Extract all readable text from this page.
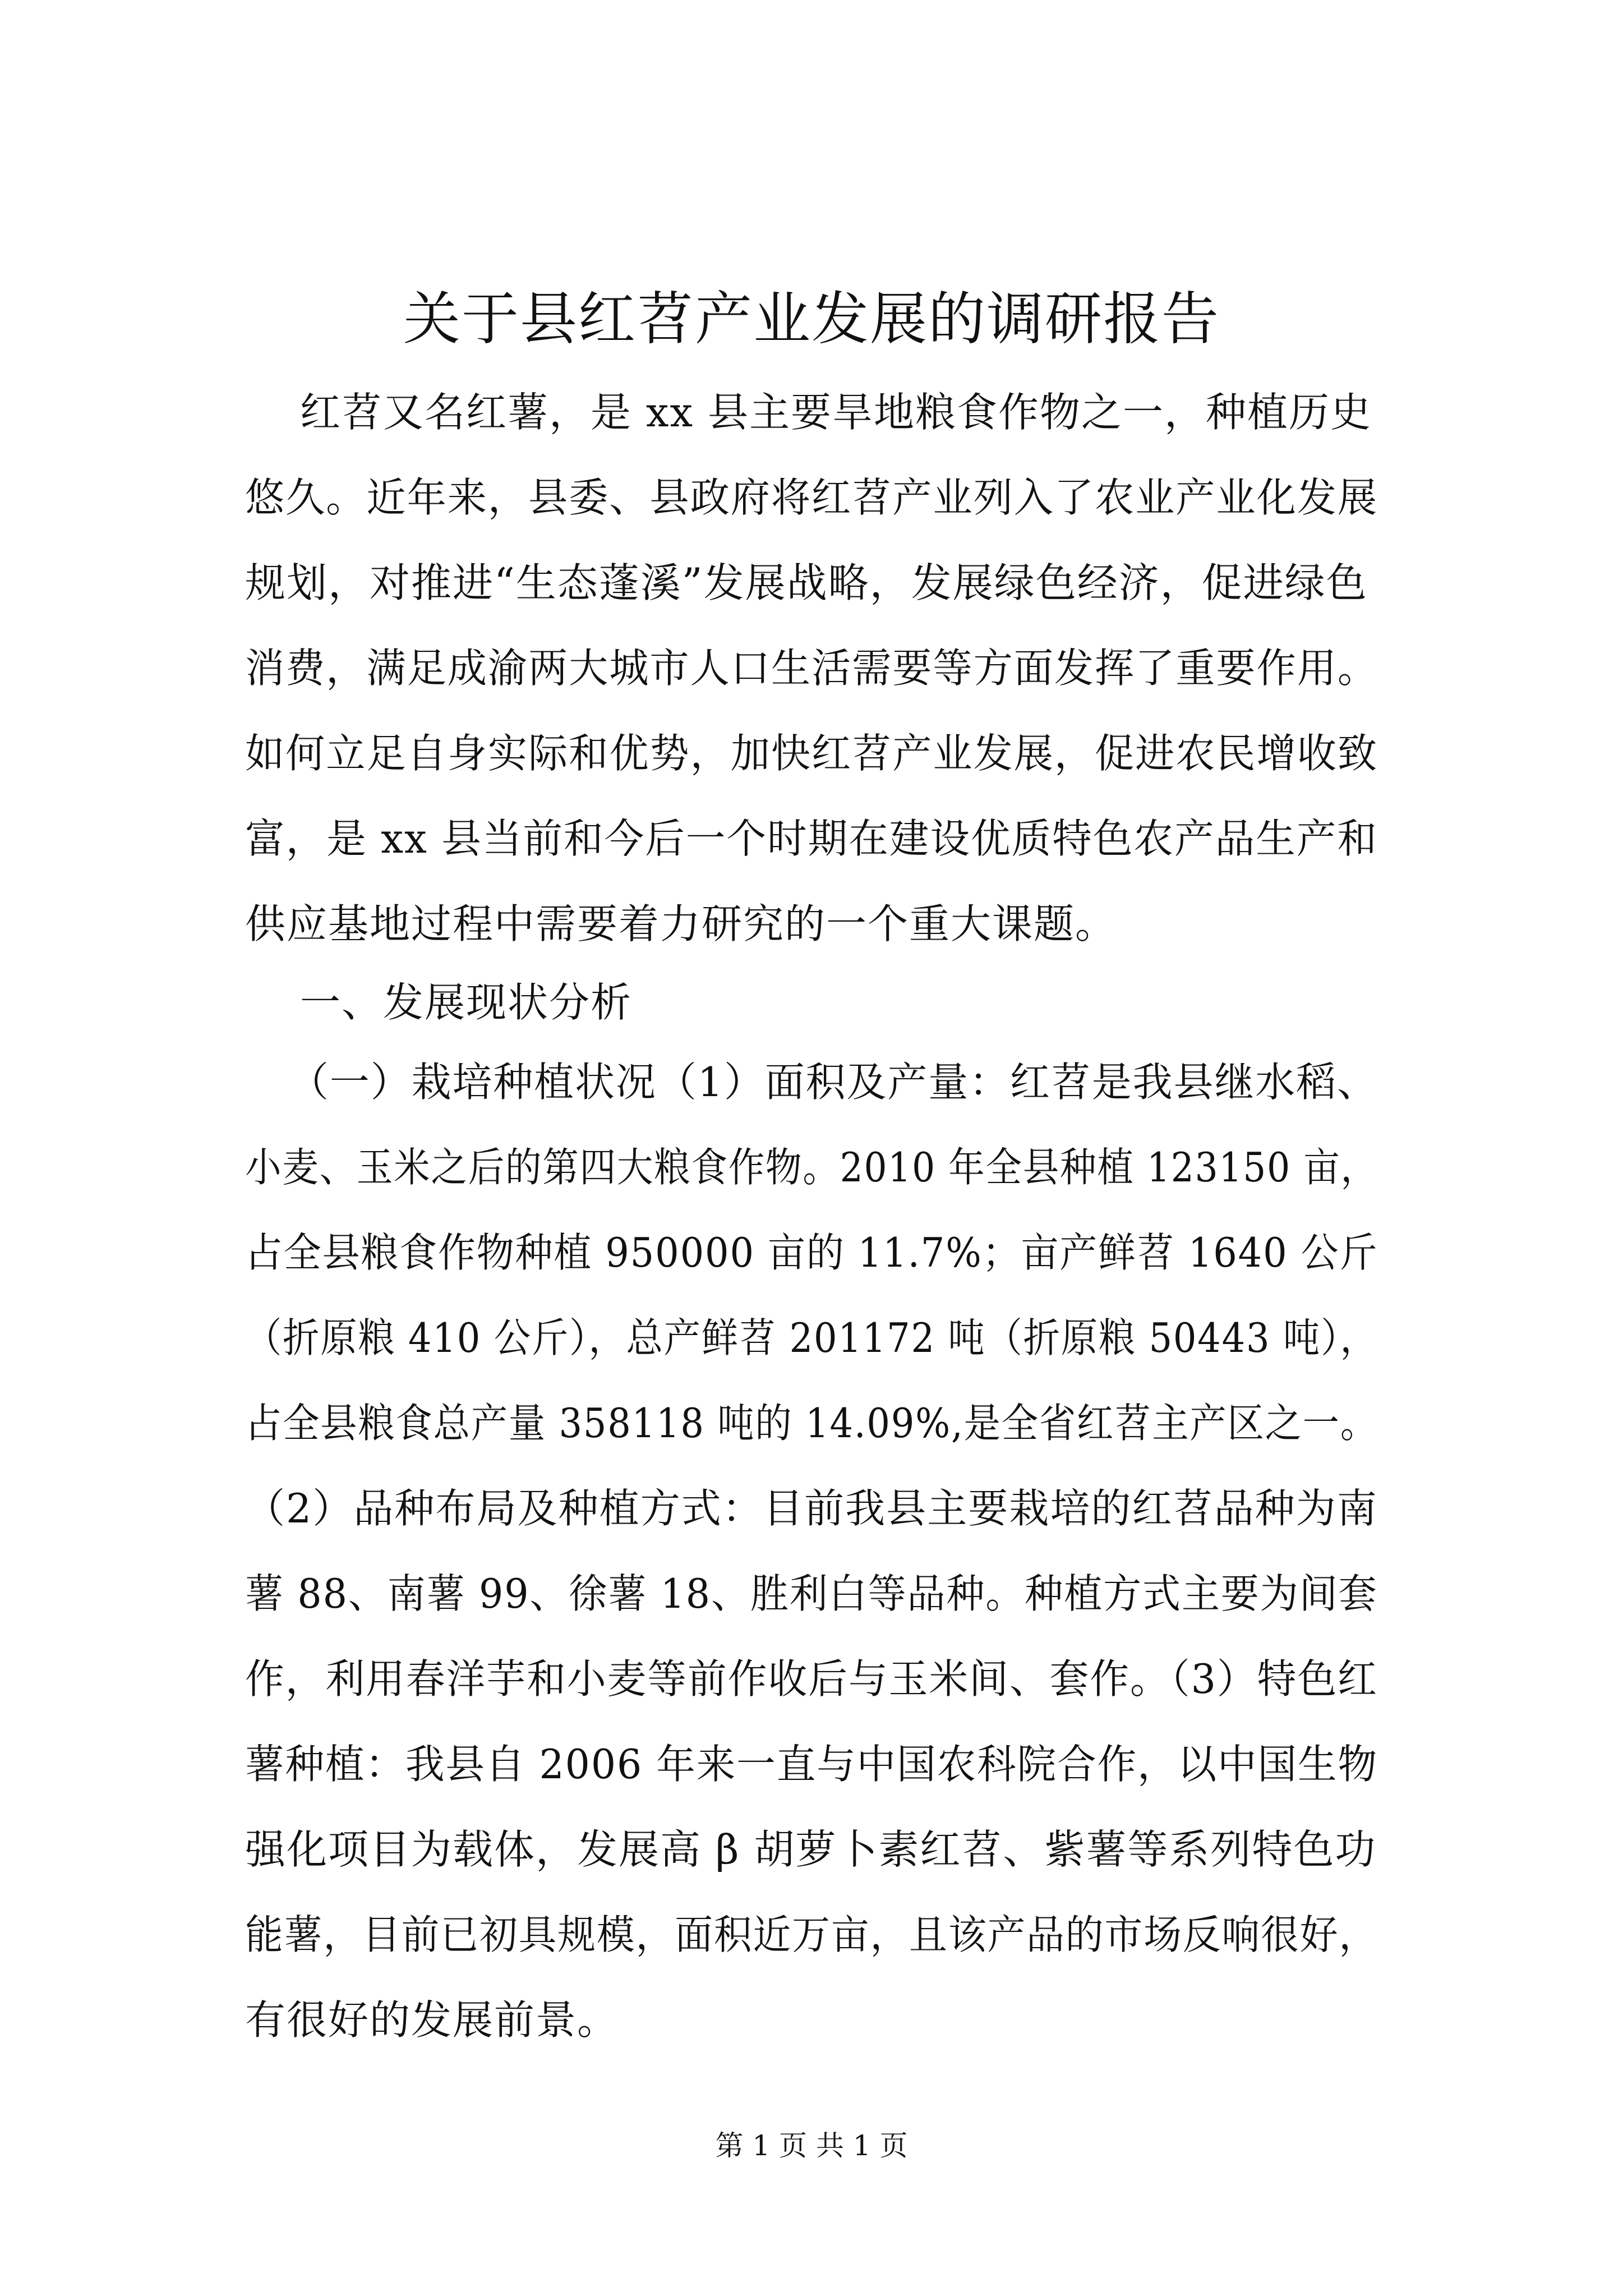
关于县红苕产业发展的调研报告
红苕又名红薯，是 xx 县主要旱地粮食作物之一，种植历史
悠久。近年来，县委、县政府将红苕产业列入了农业产业化发展
规划，对推进“生态蓬溪”发展战略，发展绿色经济，促进绿色
消费，满足成渝两大城市人口生活需要等方面发挥了重要作用。
如何立足自身实际和优势，加快红苕产业发展，促进农民增收致
富，是 xx 县当前和今后一个时期在建设优质特色农产品生产和
供应基地过程中需要着力研究的一个重大课题。
一、发展现状分析
（一）栽培种植状况（1）面积及产量：红苕是我县继水稻、
小麦、玉米之后的第四大粮食作物。2010 年全县种植 123150 亩，
占全县粮食作物种植 950000 亩的 11.7%；亩产鲜苕 1640 公斤
（折原粮 410 公斤），总产鲜苕 201172 吨（折原粮 50443 吨），
占全县粮食总产量 358118 吨的 14.09%,是全省红苕主产区之一。
（2）品种布局及种植方式：目前我县主要栽培的红苕品种为南
薯 88、南薯 99、徐薯 18、胜利白等品种。种植方式主要为间套
作，利用春洋芋和小麦等前作收后与玉米间、套作。（3）特色红
薯种植：我县自 2006 年来一直与中国农科院合作，以中国生物
强化项目为载体，发展高 β 胡萝卜素红苕、紫薯等系列特色功
能薯，目前已初具规模，面积近万亩，且该产品的市场反响很好，
有很好的发展前景。
第 1 页 共 1 页
